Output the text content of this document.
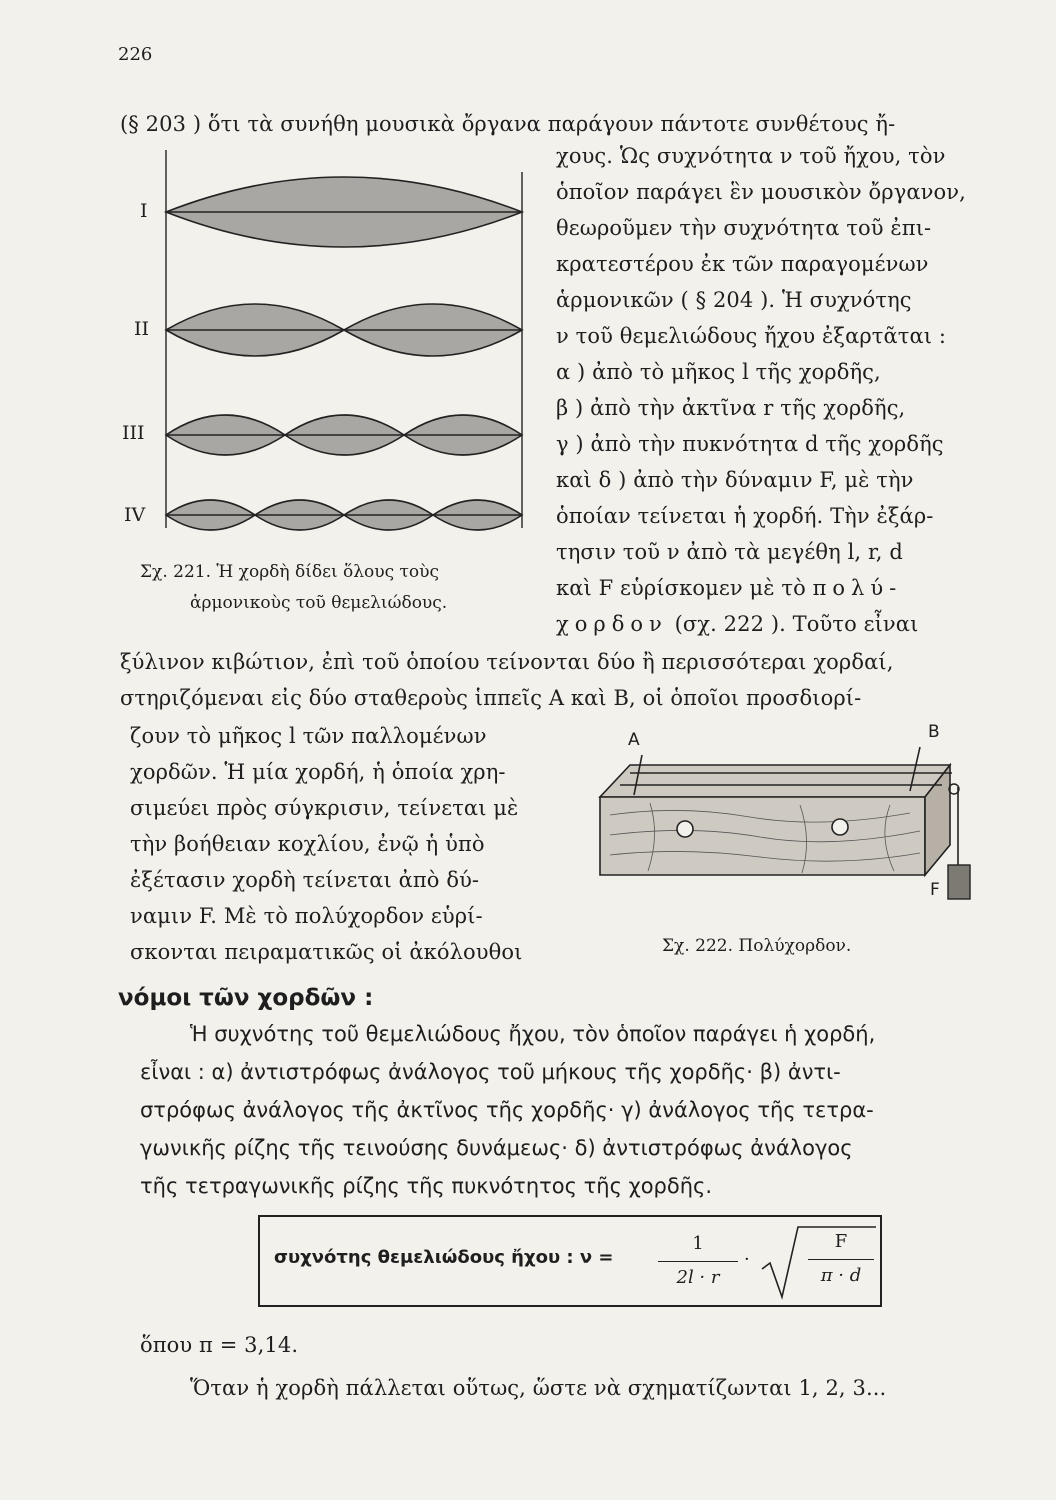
226
(§ 203 ) ὅτι τὰ συνήθη μουσικὰ ὄργανα παράγουν πάντοτε συνθέτους ἤ-
I
II
III
IV
Σχ. 221. Ἡ χορδὴ δίδει ὅλους τοὺς
ἁρμονικοὺς τοῦ θεμελιώδους.
χους. Ὡς συχνότητα ν τοῦ ἤχου, τὸν
ὁποῖον παράγει ἓν μουσικὸν ὄργανον,
θεωροῦμεν τὴν συχνότητα τοῦ ἐπι-
κρατεστέρου ἐκ τῶν παραγομένων
ἁρμονικῶν ( § 204 ). Ἡ συχνότης
ν τοῦ θεμελιώδους ἤχου ἐξαρτᾶται :
α ) ἀπὸ τὸ μῆκος l τῆς χορδῆς,
β ) ἀπὸ τὴν ἀκτῖνα r τῆς χορδῆς,
γ ) ἀπὸ τὴν πυκνότητα d τῆς χορδῆς
καὶ δ ) ἀπὸ τὴν δύναμιν F, μὲ τὴν
ὁποίαν τείνεται ἡ χορδή. Τὴν ἐξάρ-
τησιν τοῦ ν ἀπὸ τὰ μεγέθη l, r, d
καὶ F εὑρίσκομεν μὲ τὸ πολύ-
χορδον (σχ. 222 ). Τοῦτο εἶναι
ξύλινον κιβώτιον, ἐπὶ τοῦ ὁποίου τείνονται δύο ἢ περισσότεραι χορδαί,
στηριζόμεναι εἰς δύο σταθεροὺς ἱππεῖς A καὶ B, οἱ ὁποῖοι προσδιορί-
ζουν τὸ μῆκος l τῶν παλλομένων
χορδῶν. Ἡ μία χορδή, ἡ ὁποία χρη-
σιμεύει πρὸς σύγκρισιν, τείνεται μὲ
τὴν βοήθειαν κοχλίου, ἐνῷ ἡ ὑπὸ
ἐξέτασιν χορδὴ τείνεται ἀπὸ δύ-
ναμιν F. Μὲ τὸ πολύχορδον εὑρί-
σκονται πειραματικῶς οἱ ἀκόλουθοι
A	B
F
Σχ. 222. Πολύχορδον.
νόμοι τῶν χορδῶν :
Ἡ συχνότης τοῦ θεμελιώδους ἤχου, τὸν ὁποῖον παράγει ἡ χορδή,
εἶναι : α) ἀντιστρόφως ἀνάλογος τοῦ μήκους τῆς χορδῆς· β) ἀντι-
στρόφως ἀνάλογος τῆς ἀκτῖνος τῆς χορδῆς· γ) ἀνάλογος τῆς τετρα-
γωνικῆς ρίζης τῆς τεινούσης δυνάμεως· δ) ἀντιστρόφως ἀνάλογος
τῆς τετραγωνικῆς ρίζης τῆς πυκνότητος τῆς χορδῆς.
συχνότης θεμελιώδους ἤχου : ν =
1
2l · r
·
F
π · d
ὅπου π = 3,14.
Ὅταν ἡ χορδὴ πάλλεται οὕτως, ὥστε νὰ σχηματίζωνται 1, 2, 3...
